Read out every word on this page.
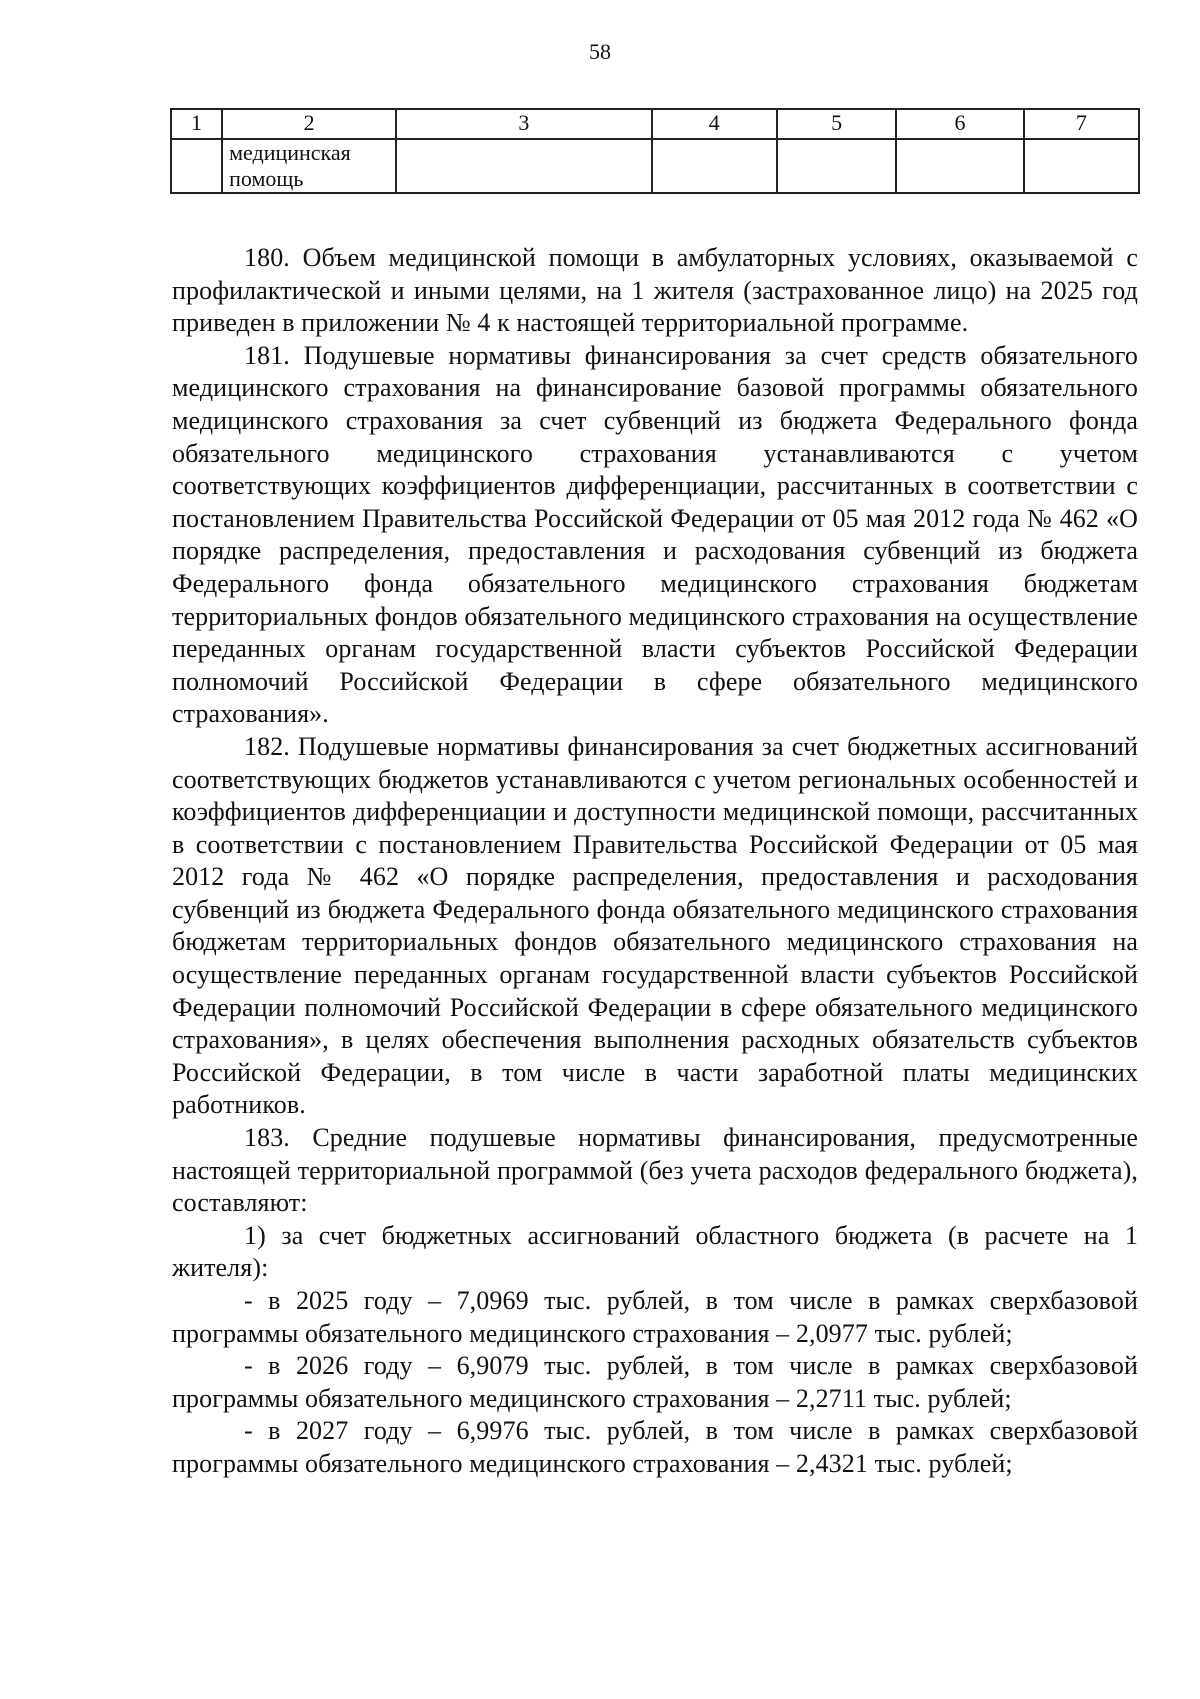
58
1	2	3	4	5	6	7
	медицинская помощь					

180. Объем медицинской помощи в амбулаторных условиях, оказываемой с профилактической и иными целями, на 1 жителя (застрахованное лицо) на 2025 год приведен в приложении № 4 к настоящей территориальной программе.

181. Подушевые нормативы финансирования за счет средств обязательного медицинского страхования на финансирование базовой программы обязательного медицинского страхования за счет субвенций из бюджета Федерального фонда обязательного медицинского страхования устанавливаются с учетом соответствующих коэффициентов дифференциации, рассчитанных в соответствии с постановлением Правительства Российской Федерации от 05 мая 2012 года № 462 «О порядке распределения, предоставления и расходования субвенций из бюджета Федерального фонда обязательного медицинского страхования бюджетам территориальных фондов обязательного медицинского страхования на осуществление переданных органам государственной власти субъектов Российской Федерации полномочий Российской Федерации в сфере обязательного медицинского страхования».

182. Подушевые нормативы финансирования за счет бюджетных ассигнований соответствующих бюджетов устанавливаются с учетом региональных особенностей и коэффициентов дифференциации и доступности медицинской помощи, рассчитанных в соответствии с постановлением Правительства Российской Федерации от 05 мая 2012 года № 462 «О порядке распределения, предоставления и расходования субвенций из бюджета Федерального фонда обязательного медицинского страхования бюджетам территориальных фондов обязательного медицинского страхования на осуществление переданных органам государственной власти субъектов Российской Федерации полномочий Российской Федерации в сфере обязательного медицинского страхования», в целях обеспечения выполнения расходных обязательств субъектов Российской Федерации, в том числе в части заработной платы медицинских работников.

183. Средние подушевые нормативы финансирования, предусмотренные настоящей территориальной программой (без учета расходов федерального бюджета), составляют:

1) за счет бюджетных ассигнований областного бюджета (в расчете на 1 жителя):

- в 2025 году – 7,0969 тыс. рублей, в том числе в рамках сверхбазовой программы обязательного медицинского страхования – 2,0977 тыс. рублей;

- в 2026 году – 6,9079 тыс. рублей, в том числе в рамках сверхбазовой программы обязательного медицинского страхования – 2,2711 тыс. рублей;

- в 2027 году – 6,9976 тыс. рублей, в том числе в рамках сверхбазовой программы обязательного медицинского страхования – 2,4321 тыс. рублей;
